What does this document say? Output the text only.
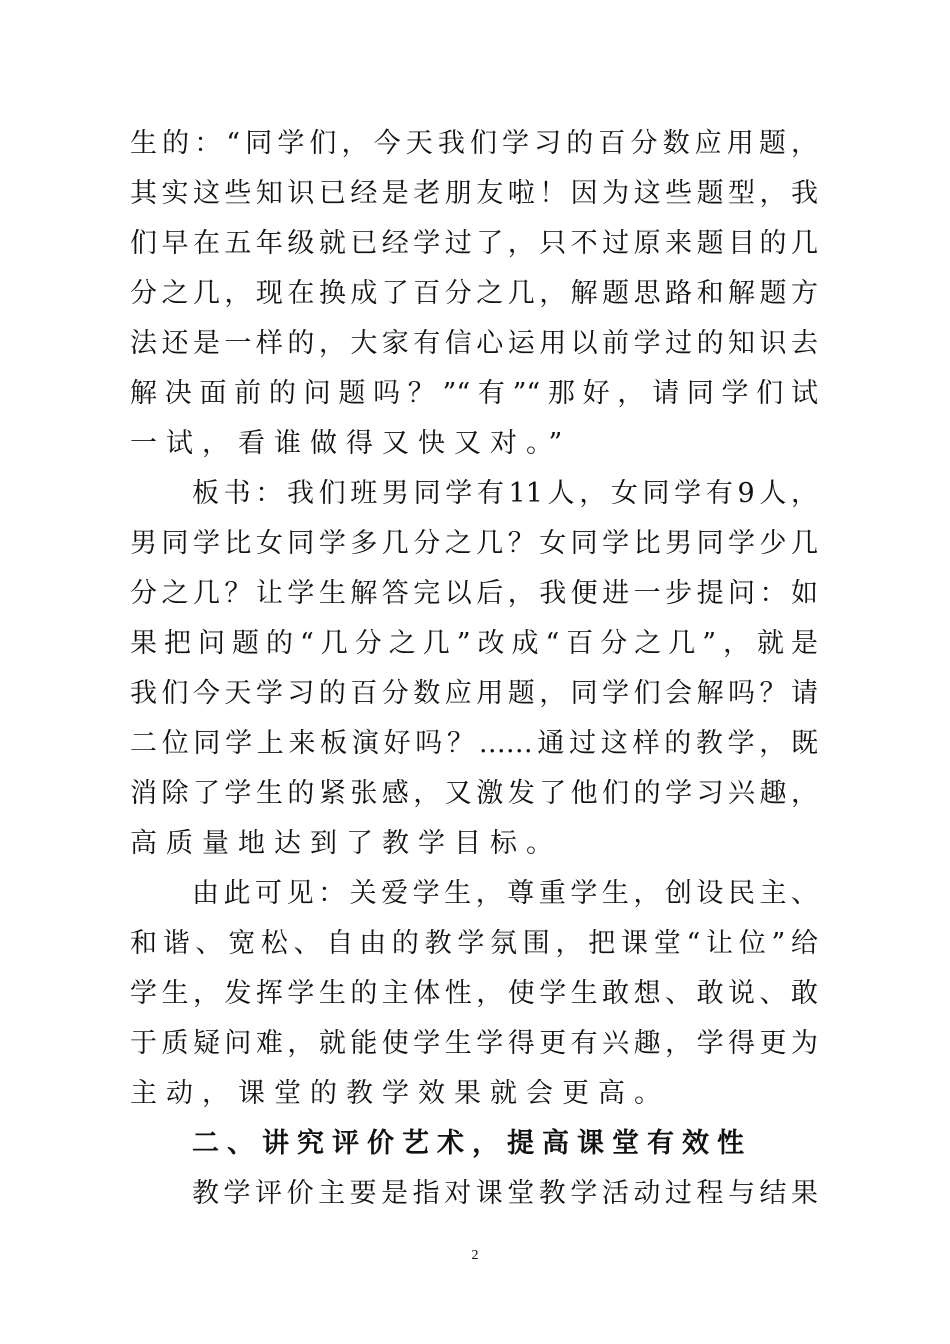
生的：“同学们，今天我们学习的百分数应用题，
其实这些知识已经是老朋友啦！因为这些题型，我
们早在五年级就已经学过了，只不过原来题目的几
分之几，现在换成了百分之几，解题思路和解题方
法还是一样的，大家有信心运用以前学过的知识去
解决面前的问题吗？”“有”“那好，请同学们试
一试，看谁做得又快又对。”
板书：我们班男同学有11人，女同学有9人，
男同学比女同学多几分之几？女同学比男同学少几
分之几？让学生解答完以后，我便进一步提问：如
果把问题的“几分之几”改成“百分之几”，就是
我们今天学习的百分数应用题，同学们会解吗？请
二位同学上来板演好吗？……通过这样的教学，既
消除了学生的紧张感，又激发了他们的学习兴趣，
高质量地达到了教学目标。
由此可见：关爱学生，尊重学生，创设民主、
和谐、宽松、自由的教学氛围，把课堂“让位”给
学生，发挥学生的主体性，使学生敢想、敢说、敢
于质疑问难，就能使学生学得更有兴趣，学得更为
主动，课堂的教学效果就会更高。
二、讲究评价艺术，提高课堂有效性
教学评价主要是指对课堂教学活动过程与结果
2
